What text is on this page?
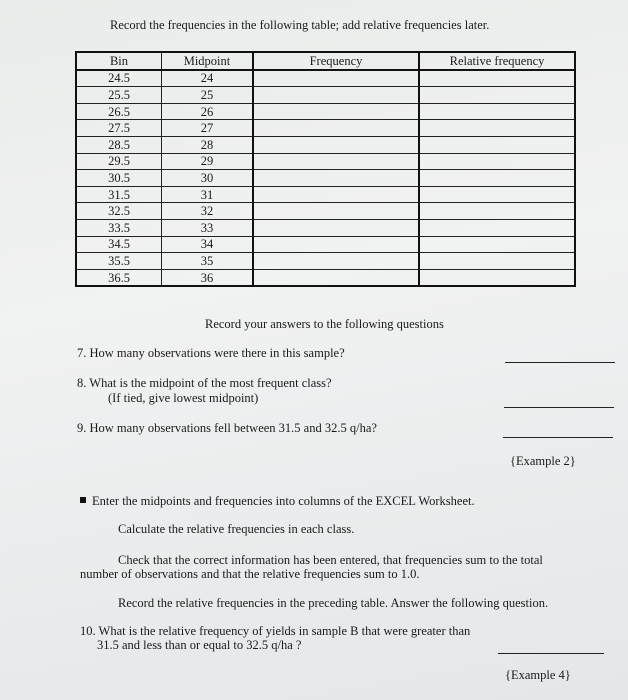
Record the frequencies in the following table; add relative frequencies later.
Bin	Midpoint	Frequency	Relative frequency
24.5	24		
25.5	25		
26.5	26		
27.5	27		
28.5	28		
29.5	29		
30.5	30		
31.5	31		
32.5	32		
33.5	33		
34.5	34		
35.5	35		
36.5	36		
Record your answers to the following questions
7. How many observations were there in this sample?
8. What is the midpoint of the most frequent class?
(If tied, give lowest midpoint)
9. How many observations fell between 31.5 and 32.5 q/ha?
{Example 2}
Enter the midpoints and frequencies into columns of the EXCEL Worksheet.
Calculate the relative frequencies in each class.
Check that the correct information has been entered, that frequencies sum to the total
number of observations and that the relative frequencies sum to 1.0.
Record the relative frequencies in the preceding table. Answer the following question.
10. What is the relative frequency of yields in sample B that were greater than
31.5 and less than or equal to 32.5 q/ha ?
{Example 4}
